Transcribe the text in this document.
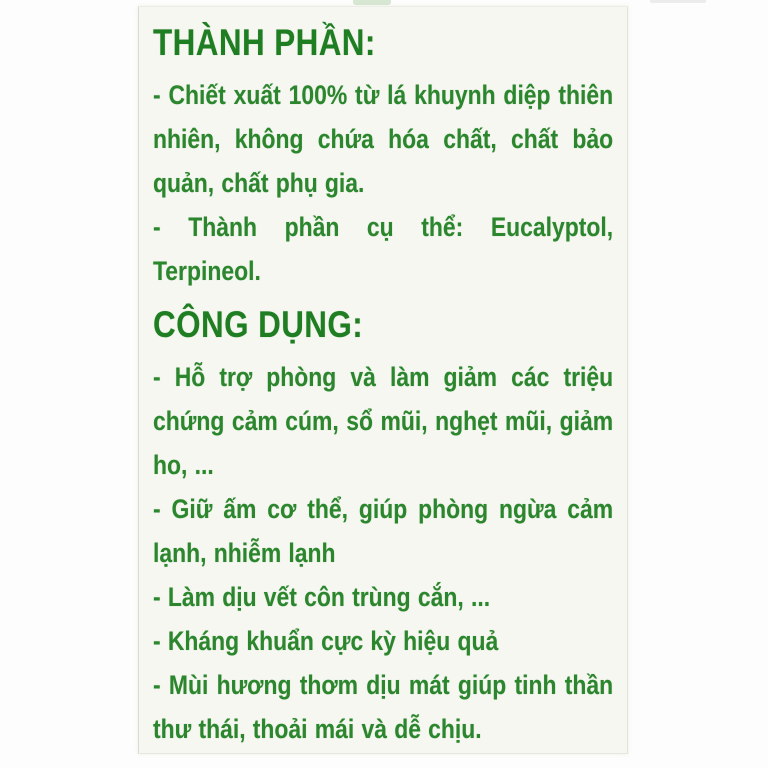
THÀNH PHẦN:

- Chiết xuất 100% từ lá khuynh diệp thiên nhiên, không chứa hóa chất, chất bảo quản, chất phụ gia.

- Thành phần cụ thể: Eucalyptol, Terpineol.

CÔNG DỤNG:

- Hỗ trợ phòng và làm giảm các triệu chứng cảm cúm, sổ mũi, nghẹt mũi, giảm ho, ...

- Giữ ấm cơ thể, giúp phòng ngừa cảm lạnh, nhiễm lạnh

- Làm dịu vết côn trùng cắn, ...

- Kháng khuẩn cực kỳ hiệu quả

- Mùi hương thơm dịu mát giúp tinh thần thư thái, thoải mái và dễ chịu.
